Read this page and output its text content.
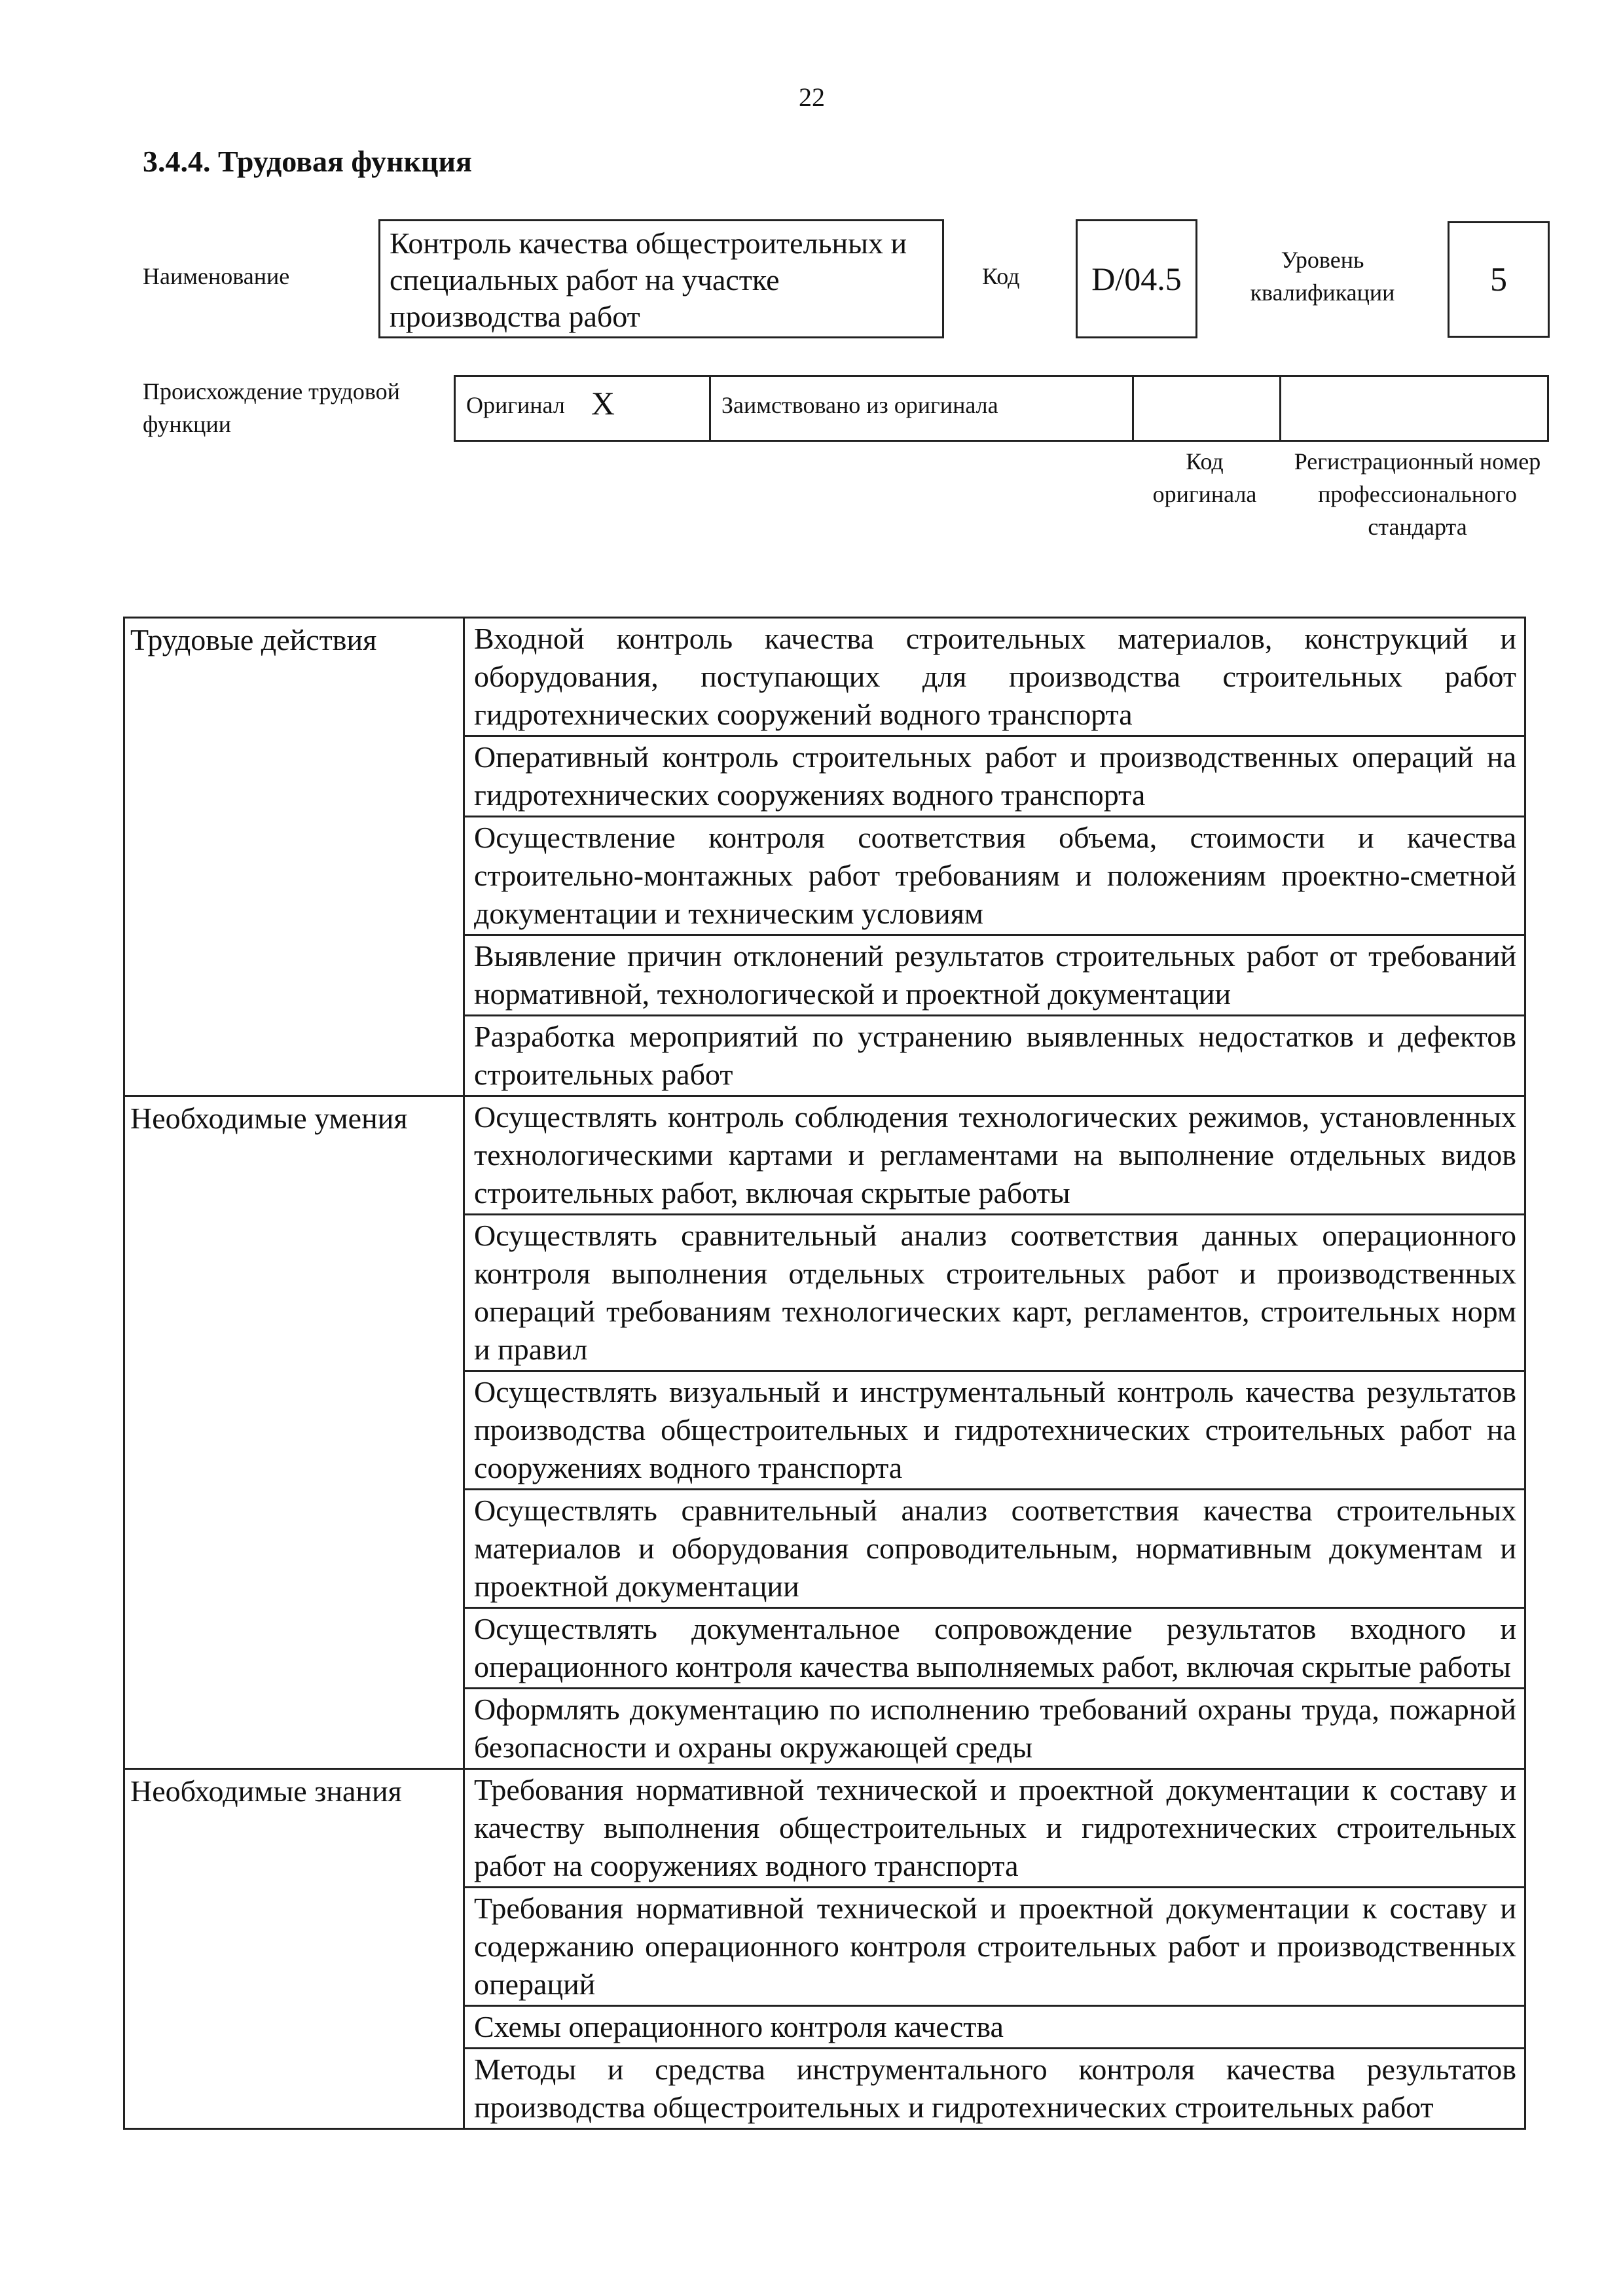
22
3.4.4. Трудовая функция
Наименование
Контроль качества общестроительных и специальных работ на участке производства работ
Код	D/04.5
Уровень квалификации	5
Происхождение трудовой функции
Оригинал X	Заимствовано из оригинала
Код оригинала
Регистрационный номер профессионального стандарта
Трудовые действия	Входной контроль качества строительных материалов, конструкций и оборудования, поступающих для производства строительных работ гидротехнических сооружений водного транспорта
	Оперативный контроль строительных работ и производственных операций на гидротехнических сооружениях водного транспорта
	Осуществление контроля соответствия объема, стоимости и качества строительно-монтажных работ требованиям и положениям проектно-сметной документации и техническим условиям
	Выявление причин отклонений результатов строительных работ от требований нормативной, технологической и проектной документации
	Разработка мероприятий по устранению выявленных недостатков и дефектов строительных работ
Необходимые умения	Осуществлять контроль соблюдения технологических режимов, установленных технологическими картами и регламентами на выполнение отдельных видов строительных работ, включая скрытые работы
	Осуществлять сравнительный анализ соответствия данных операционного контроля выполнения отдельных строительных работ и производственных операций требованиям технологических карт, регламентов, строительных норм и правил
	Осуществлять визуальный и инструментальный контроль качества результатов производства общестроительных и гидротехнических строительных работ на сооружениях водного транспорта
	Осуществлять сравнительный анализ соответствия качества строительных материалов и оборудования сопроводительным, нормативным документам и проектной документации
	Осуществлять документальное сопровождение результатов входного и операционного контроля качества выполняемых работ, включая скрытые работы
	Оформлять документацию по исполнению требований охраны труда, пожарной безопасности и охраны окружающей среды
Необходимые знания	Требования нормативной технической и проектной документации к составу и качеству выполнения общестроительных и гидротехнических строительных работ на сооружениях водного транспорта
	Требования нормативной технической и проектной документации к составу и содержанию операционного контроля строительных работ и производственных операций
	Схемы операционного контроля качества
	Методы и средства инструментального контроля качества результатов производства общестроительных и гидротехнических строительных работ
